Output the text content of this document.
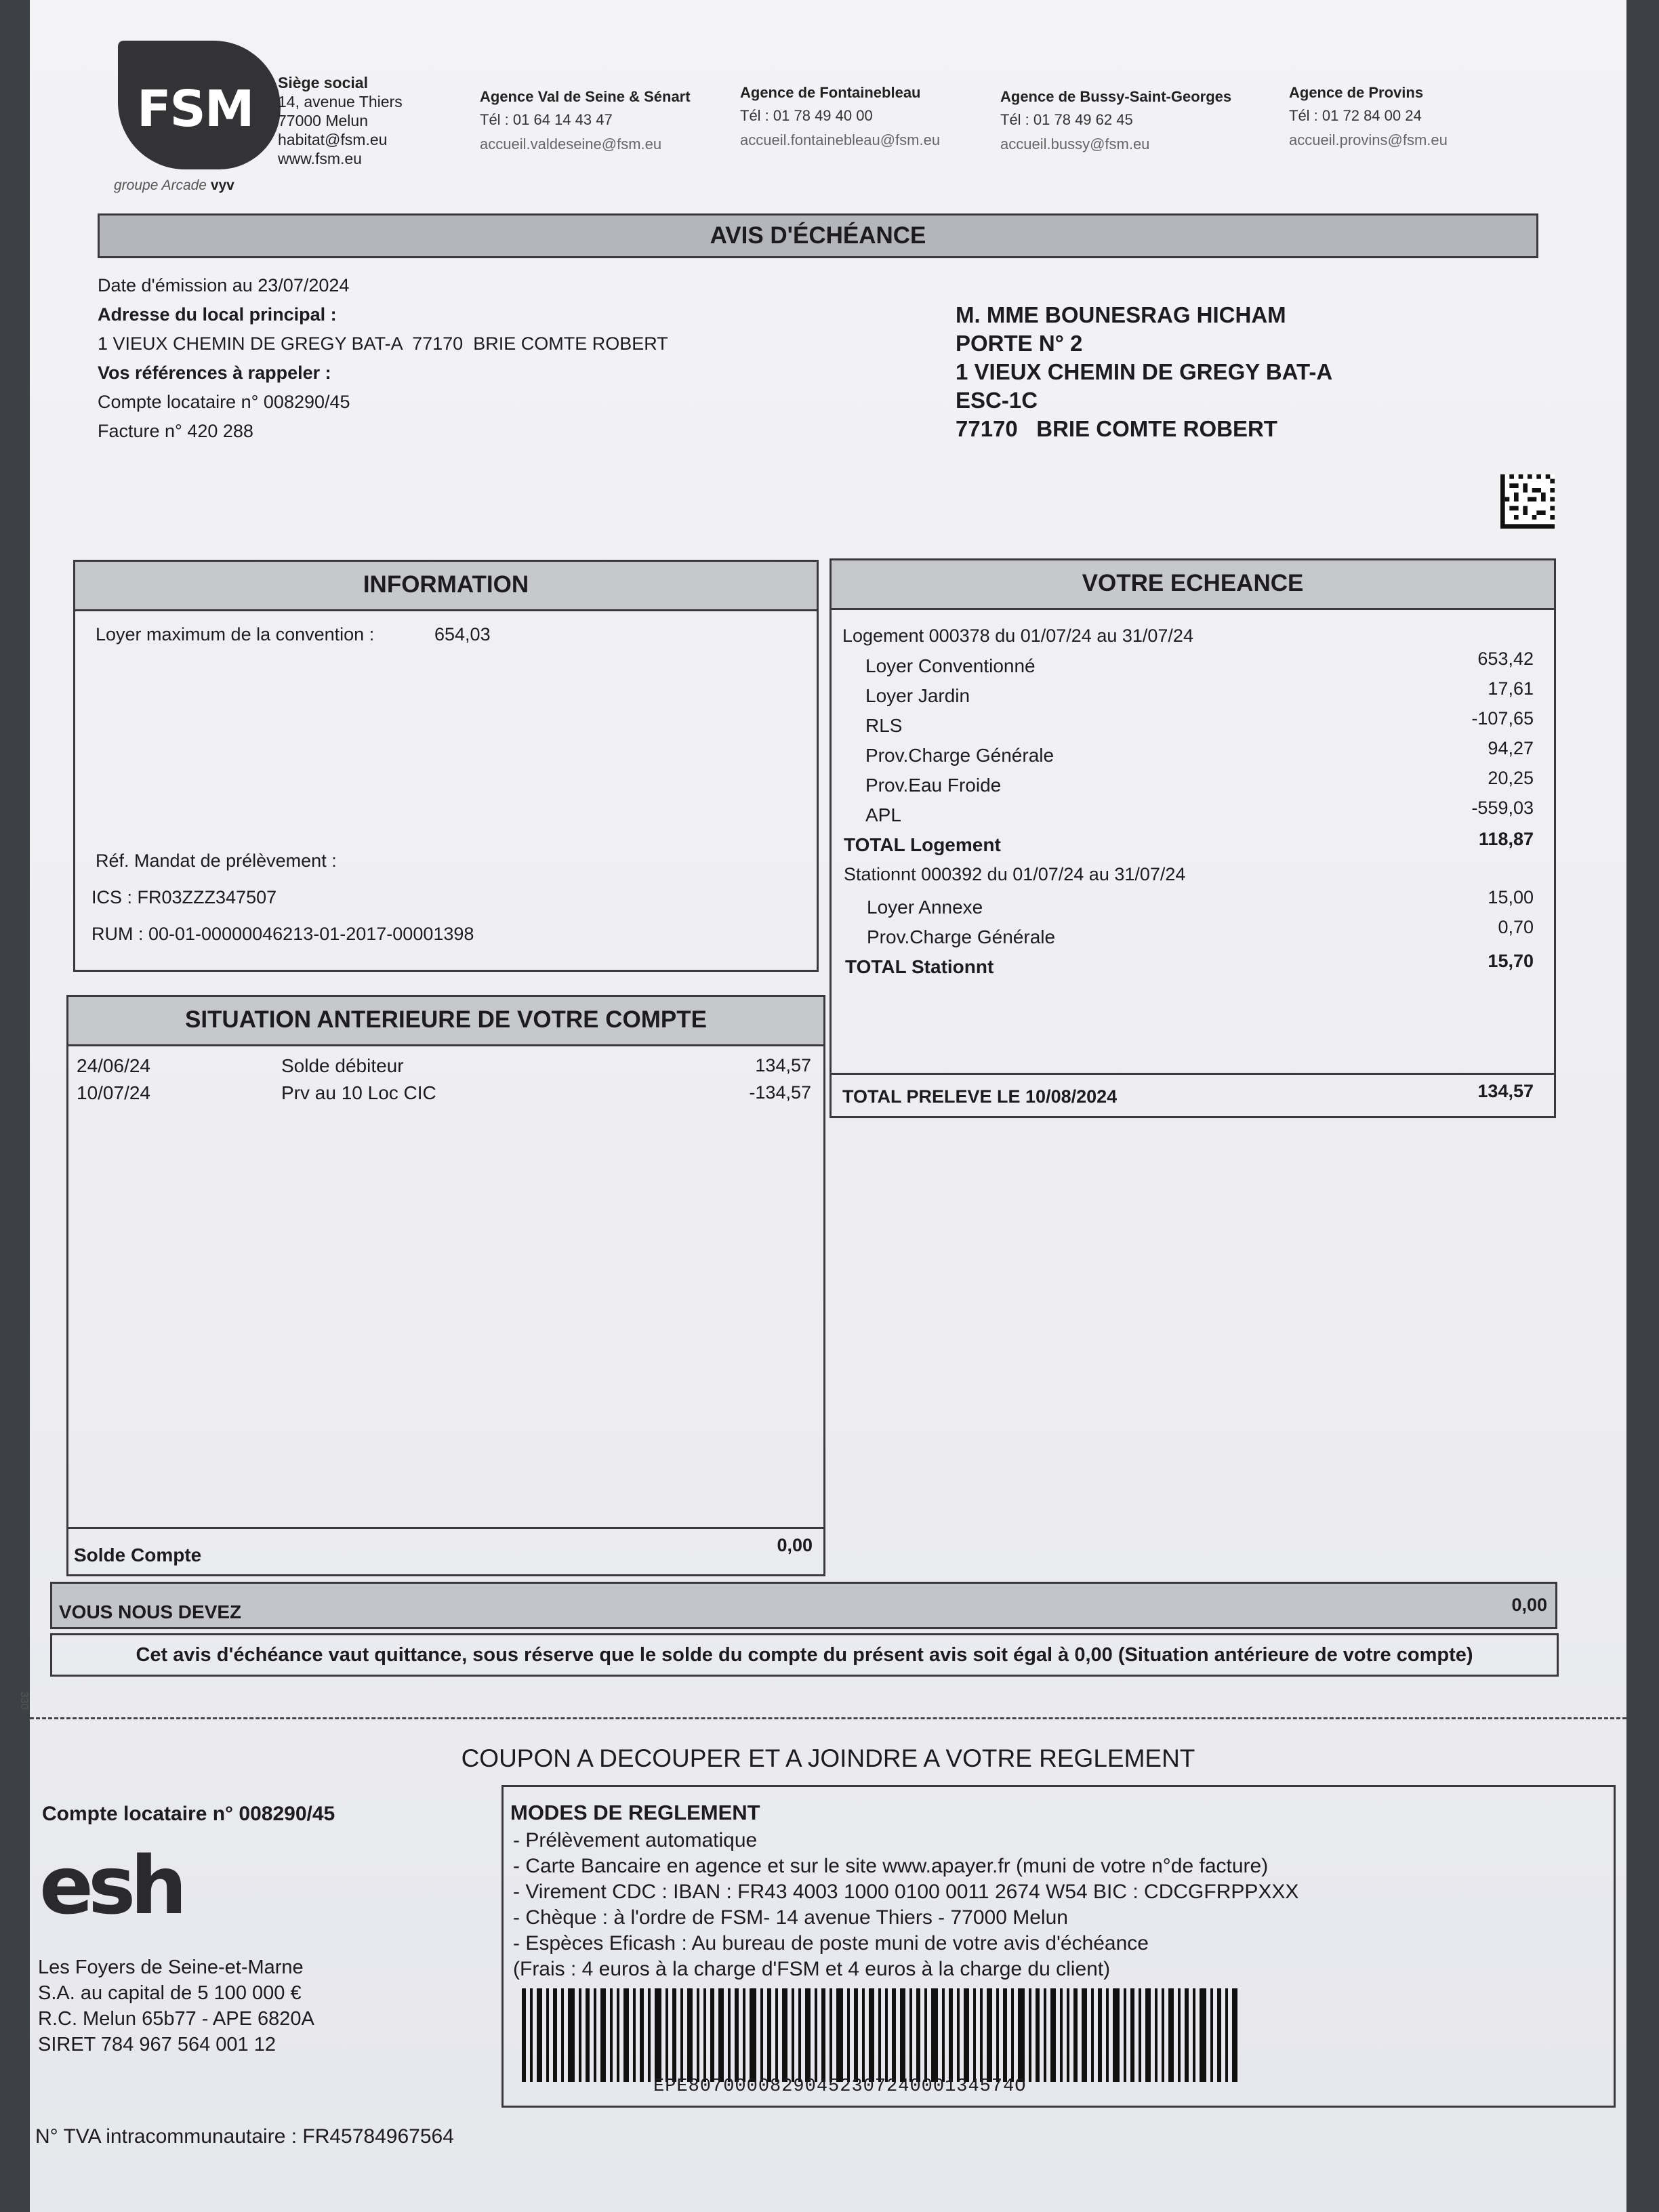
FSM
groupe Arcade vyv
Siège social
14, avenue Thiers
77000 Melun
habitat@fsm.eu
www.fsm.eu
Agence Val de Seine & Sénart
Tél : 01 64 14 43 47
accueil.valdeseine@fsm.eu
Agence de Fontainebleau
Tél : 01 78 49 40 00
accueil.fontainebleau@fsm.eu
Agence de Bussy-Saint-Georges
Tél : 01 78 49 62 45
accueil.bussy@fsm.eu
Agence de Provins
Tél : 01 72 84 00 24
accueil.provins@fsm.eu
AVIS D'ÉCHÉANCE
Date d'émission au 23/07/2024
Adresse du local principal :
1 VIEUX CHEMIN DE GREGY BAT-A  77170  BRIE COMTE ROBERT
Vos références à rappeler :
Compte locataire n° 008290/45
Facture n° 420 288
M. MME BOUNESRAG HICHAM
PORTE N° 2
1 VIEUX CHEMIN DE GREGY BAT-A
ESC-1C
77170   BRIE COMTE ROBERT
INFORMATION
Loyer maximum de la convention :	654,03
Réf. Mandat de prélèvement :
ICS : FR03ZZZ347507
RUM : 00-01-00000046213-01-2017-00001398
VOTRE ECHEANCE
Logement 000378 du 01/07/24 au 31/07/24
Loyer Conventionné	653,42
Loyer Jardin	17,61
RLS	-107,65
Prov.Charge Générale	94,27
Prov.Eau Froide	20,25
APL	-559,03
TOTAL Logement	118,87
Stationnt 000392 du 01/07/24 au 31/07/24
Loyer Annexe	15,00
Prov.Charge Générale	0,70
TOTAL Stationnt	15,70
TOTAL PRELEVE LE 10/08/2024	134,57
SITUATION ANTERIEURE DE VOTRE COMPTE
24/06/24	Solde débiteur	134,57
10/07/24	Prv au 10 Loc CIC	-134,57
Solde Compte	0,00
VOUS NOUS DEVEZ	0,00
Cet avis d'échéance vaut quittance, sous réserve que le solde du compte du présent avis soit égal à 0,00 (Situation antérieure de votre compte)
330
COUPON A DECOUPER ET A JOINDRE A VOTRE REGLEMENT
Compte locataire n° 008290/45
esh
Les Foyers de Seine-et-Marne
S.A. au capital de 5 100 000 €
R.C. Melun 65b77 - APE 6820A
SIRET 784 967 564 001 12
MODES DE REGLEMENT
- Prélèvement automatique
- Carte Bancaire en agence et sur le site www.apayer.fr (muni de votre n°de facture)
- Virement CDC : IBAN : FR43 4003 1000 0100 0011 2674 W54 BIC : CDCGFRPPXXX
- Chèque : à l'ordre de FSM- 14 avenue Thiers - 77000 Melun
- Espèces Eficash : Au bureau de poste muni de votre avis d'échéance
(Frais : 4 euros à la charge d'FSM et 4 euros à la charge du client)
EPE8070000829045230724000134574O
N° TVA intracommunautaire : FR45784967564
